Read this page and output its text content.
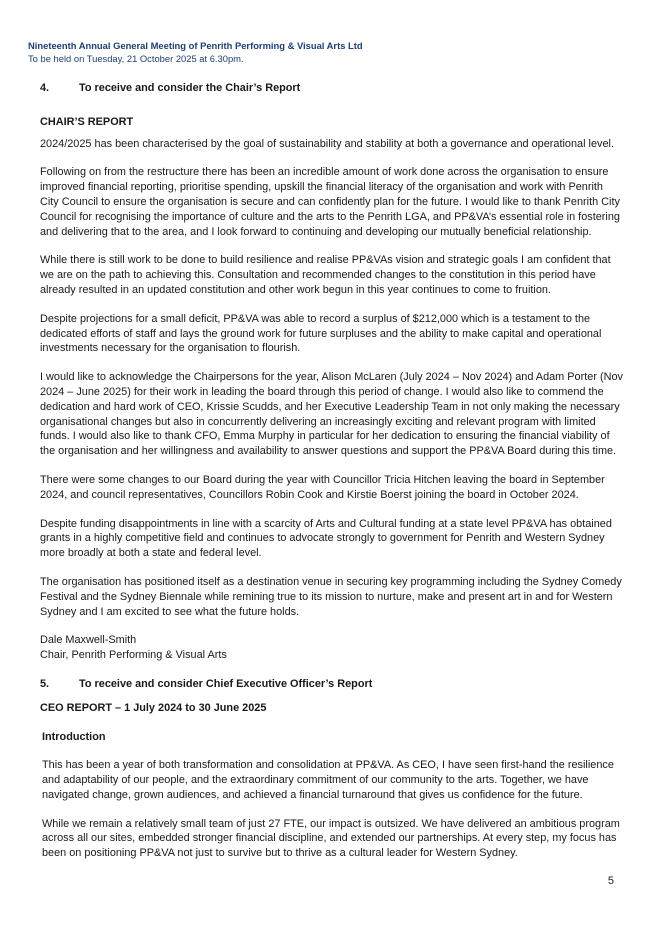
Nineteenth Annual General Meeting of Penrith Performing & Visual Arts Ltd
To be held on Tuesday, 21 October 2025 at 6.30pm.
4.	To receive and consider the Chair’s Report
CHAIR’S REPORT

2024/2025 has been characterised by the goal of sustainability and stability at both a governance and operational level.

Following on from the restructure there has been an incredible amount of work done across the organisation to ensure improved financial reporting, prioritise spending, upskill the financial literacy of the organisation and work with Penrith City Council to ensure the organisation is secure and can confidently plan for the future. I would like to thank Penrith City Council for recognising the importance of culture and the arts to the Penrith LGA, and PP&VA’s essential role in fostering and delivering that to the area, and I look forward to continuing and developing our mutually beneficial relationship.

While there is still work to be done to build resilience and realise PP&VAs vision and strategic goals I am confident that we are on the path to achieving this. Consultation and recommended changes to the constitution in this period have already resulted in an updated constitution and other work begun in this year continues to come to fruition.

Despite projections for a small deficit, PP&VA was able to record a surplus of $212,000 which is a testament to the dedicated efforts of staff and lays the ground work for future surpluses and the ability to make capital and operational investments necessary for the organisation to flourish.

I would like to acknowledge the Chairpersons for the year, Alison McLaren (July 2024 – Nov 2024) and Adam Porter (Nov 2024 – June 2025) for their work in leading the board through this period of change. I would also like to commend the dedication and hard work of CEO, Krissie Scudds, and her Executive Leadership Team in not only making the necessary organisational changes but also in concurrently delivering an increasingly exciting and relevant program with limited funds. I would also like to thank CFO, Emma Murphy in particular for her dedication to ensuring the financial viability of the organisation and her willingness and availability to answer questions and support the PP&VA Board during this time.

There were some changes to our Board during the year with Councillor Tricia Hitchen leaving the board in September 2024, and council representatives, Councillors Robin Cook and Kirstie Boerst joining the board in October 2024.

Despite funding disappointments in line with a scarcity of Arts and Cultural funding at a state level PP&VA has obtained grants in a highly competitive field and continues to advocate strongly to government for Penrith and Western Sydney more broadly at both a state and federal level.

The organisation has positioned itself as a destination venue in securing key programming including the Sydney Comedy Festival and the Sydney Biennale while remining true to its mission to nurture, make and present art in and for Western Sydney and I am excited to see what the future holds.

Dale Maxwell-Smith
Chair, Penrith Performing & Visual Arts
5.	To receive and consider Chief Executive Officer’s Report
CEO REPORT – 1 July 2024 to 30 June 2025
Introduction

This has been a year of both transformation and consolidation at PP&VA. As CEO, I have seen first-hand the resilience and adaptability of our people, and the extraordinary commitment of our community to the arts. Together, we have navigated change, grown audiences, and achieved a financial turnaround that gives us confidence for the future.

While we remain a relatively small team of just 27 FTE, our impact is outsized. We have delivered an ambitious program across all our sites, embedded stronger financial discipline, and extended our partnerships. At every step, my focus has been on positioning PP&VA not just to survive but to thrive as a cultural leader for Western Sydney.

5
